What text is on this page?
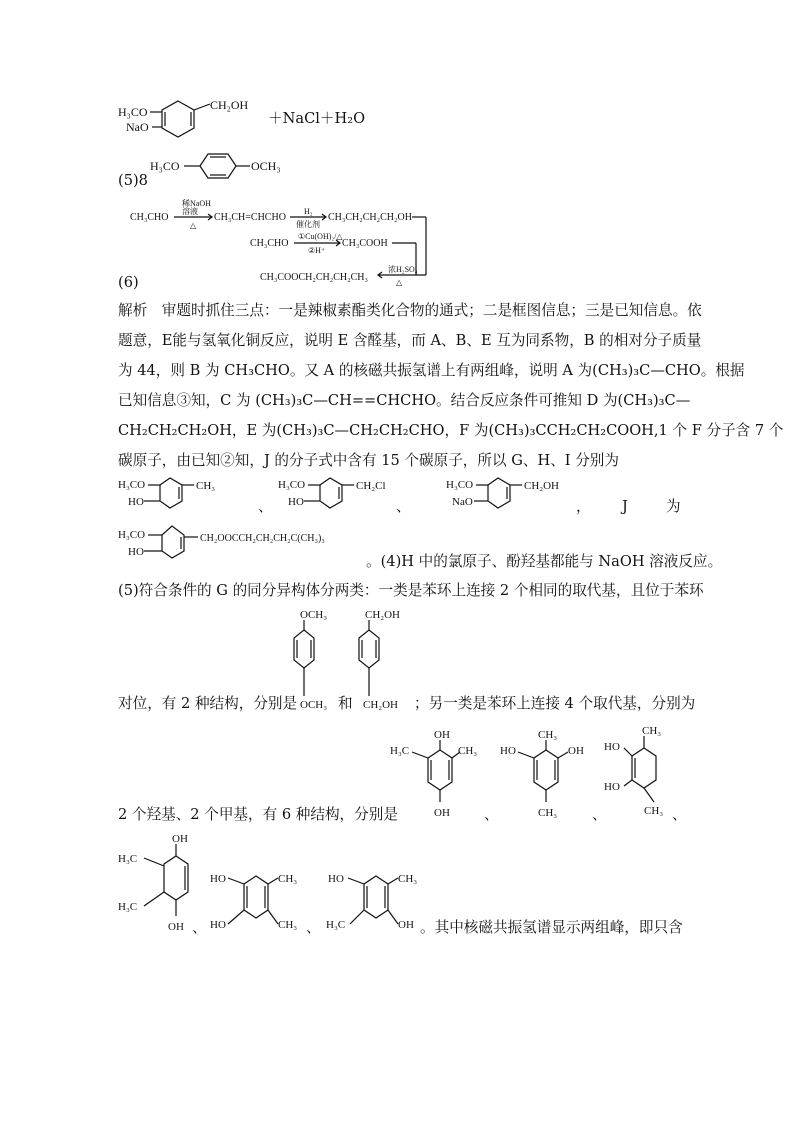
H₃CO
NaO
CH₂OH
＋NaCl＋H₂O
(5)8
H₃CO	OCH₃
(6)
CH₃CHO
稀NaOH
溶液
△
CH₃CH=CHCHO
H₂
催化剂
CH₃CH₂CH₂CH₂OH
CH₃CHO
①Cu(OH)₂/△
②H⁺
CH₃COOH
CH₃COOCH₂CH₂CH₂CH₃
浓H₂SO₄
△
解析　审题时抓住三点：一是辣椒素酯类化合物的通式；二是框图信息；三是已知信息。依
题意，E能与氢氧化铜反应，说明 E 含醛基，而 A、B、E 互为同系物，B 的相对分子质量
为 44，则 B 为 CH₃CHO。又 A 的核磁共振氢谱上有两组峰，说明 A 为(CH₃)₃C—CHO。根据
已知信息③知，C 为 (CH₃)₃C—CH==CHCHO。结合反应条件可推知 D 为(CH₃)₃C—
CH₂CH₂CH₂OH，E 为(CH₃)₃C—CH₂CH₂CHO，F 为(CH₃)₃CCH₂CH₂COOH,1 个 F 分子含 7 个
碳原子，由已知②知，J 的分子式中含有 15 个碳原子，所以 G、H、I 分别为
H₃CO
HO
CH₃
、
H₃CO
HO
CH₂Cl
、
H₃CO
NaO
CH₂OH
， J	为
H₃CO
HO
CH₂OOCCH₂CH₂CH₂C(CH₃)₃
。(4)H 中的氯原子、酚羟基都能与 NaOH 溶液反应。
(5)符合条件的 G 的同分异构体分两类：一类是苯环上连接 2 个相同的取代基，且位于苯环
OCH₃
OCH₃
CH₂OH
CH₂OH
对位，有 2 种结构，分别是	和	；另一类是苯环上连接 4 个取代基，分别为
OH
H₃C	CH₃
OH 、
CH₃
HO	OH
CH₃ 、
CH₃
HO
HO
CH₃ 、
2 个羟基、2 个甲基，有 6 种结构，分别是
OH
H₃C
H₃C
OH 、
HO	CH₃
HO	CH₃ 、
HO	CH₃
H₃C	OH 。其中核磁共振氢谱显示两组峰，即只含
